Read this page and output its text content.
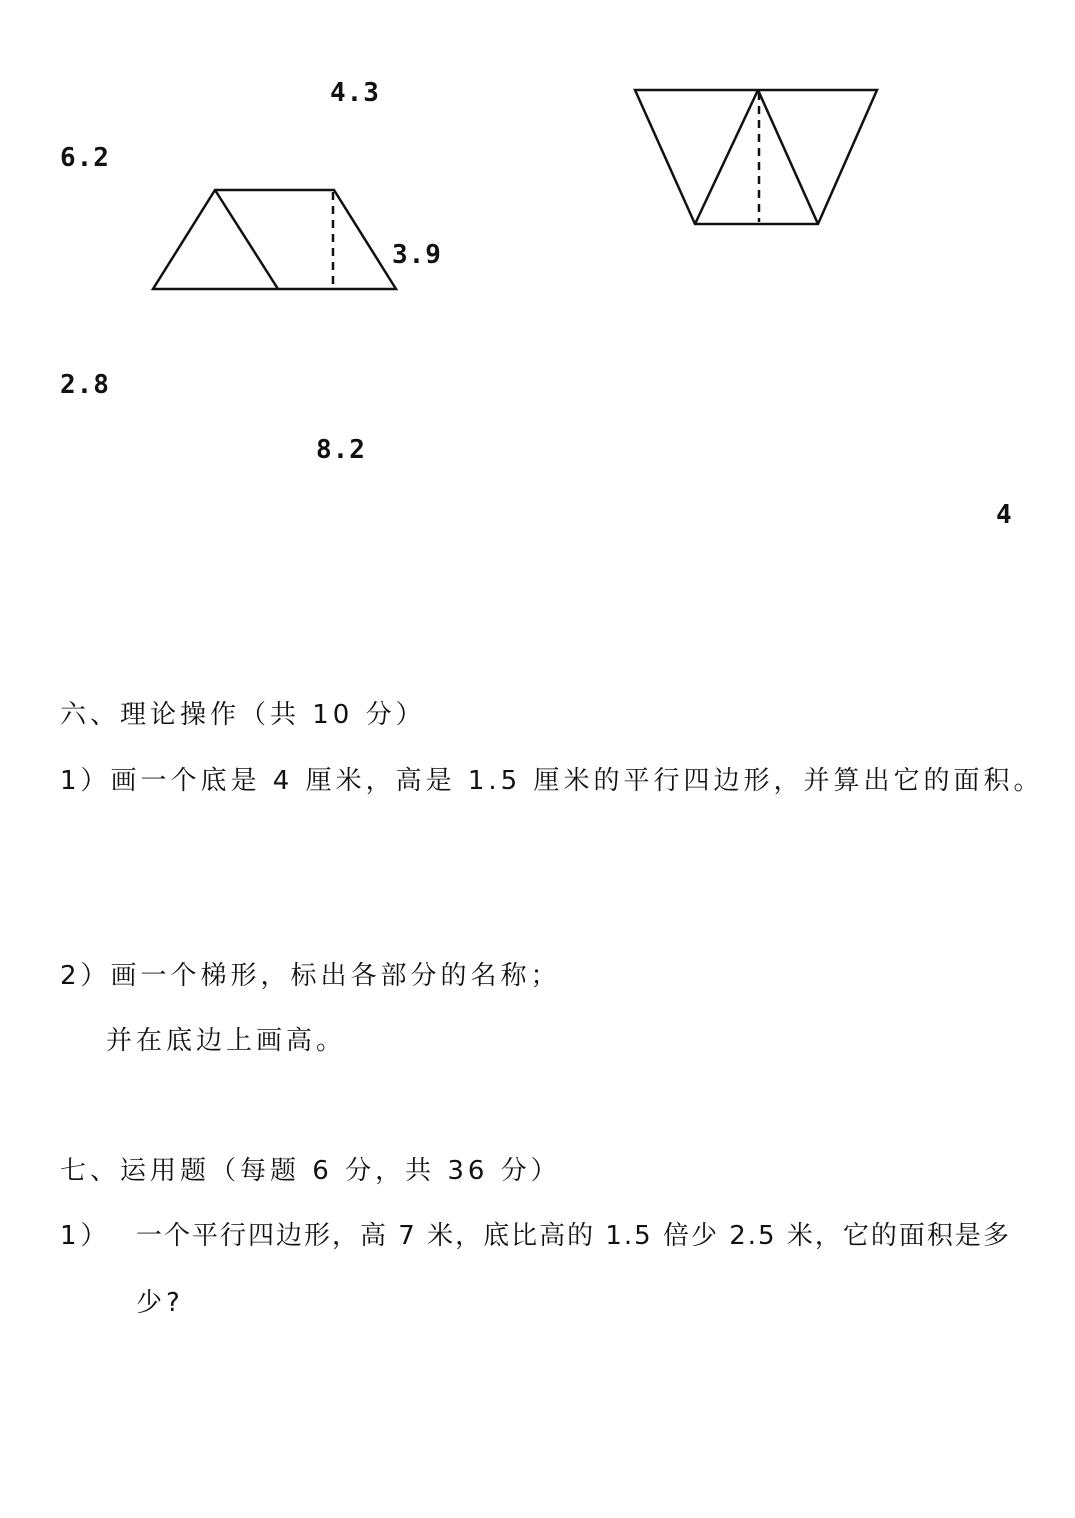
4.3
6.2
3.9
2.8
8.2
4
六、理论操作（共 10 分）
1）画一个底是 4 厘米，高是 1.5 厘米的平行四边形，并算出它的面积。
2）画一个梯形，标出各部分的名称；
并在底边上画高。
七、运用题（每题 6 分，共 36 分）
1） 一个平行四边形，高 7 米，底比高的 1.5 倍少 2.5 米，它的面积是多
少?
